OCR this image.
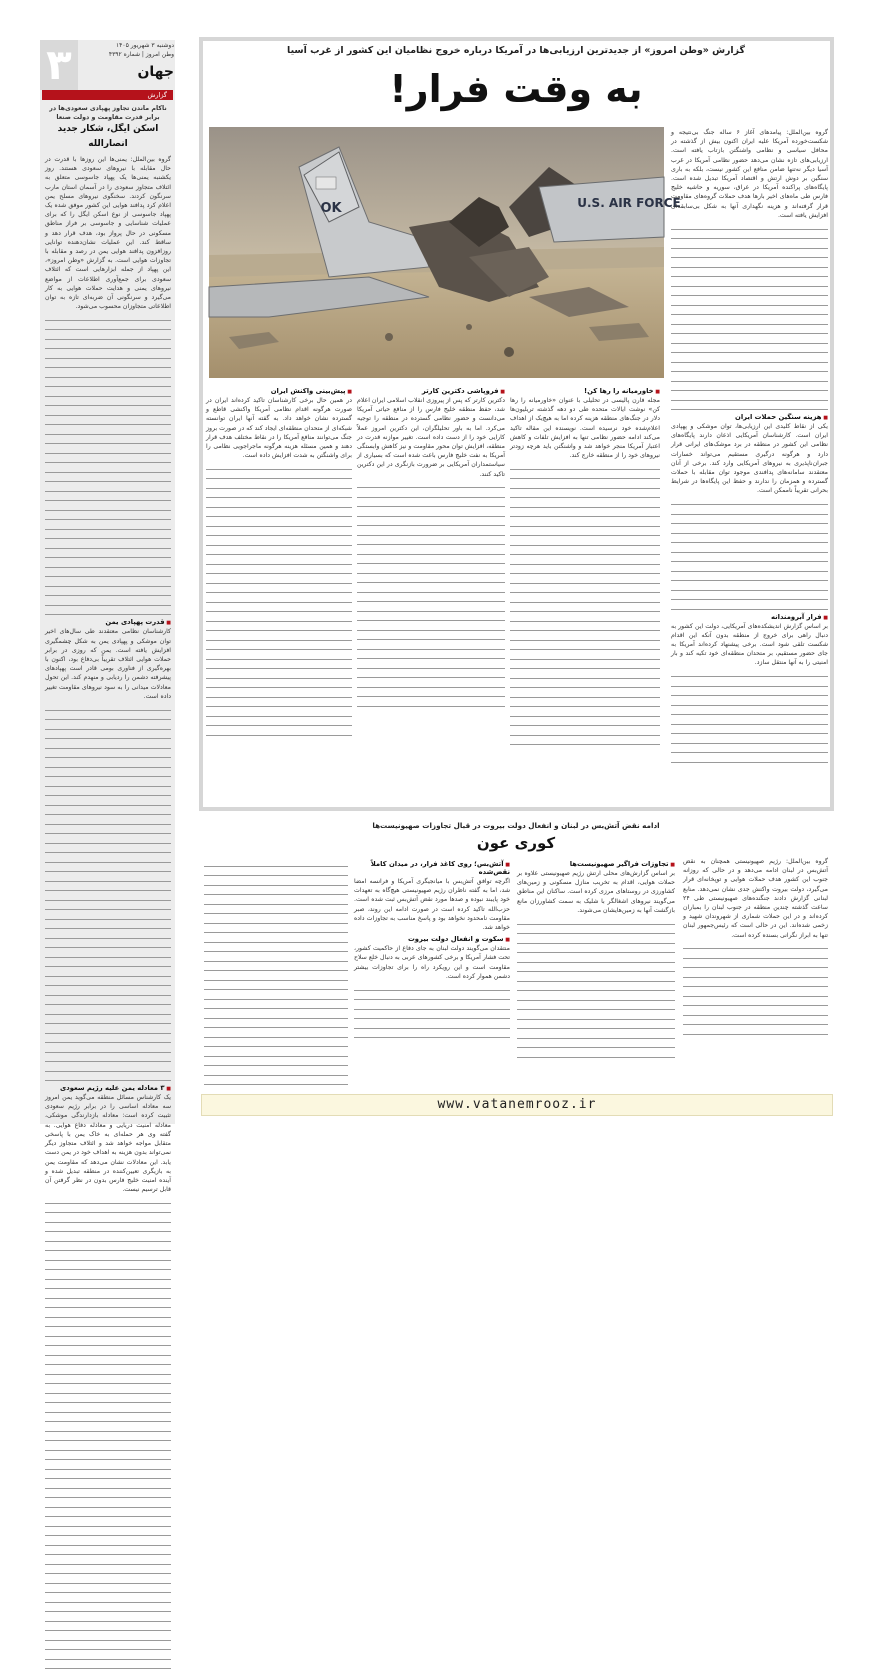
۳	دوشنبه ۳ شهریور ۱۴۰۵
وطن امروز | شماره ۴۳۹۲
جهان
گزارش
ناکام ماندن تجاوز پهپادی سعودی‌ها در برابر قدرت مقاومت و دولت صنعا
اسکن ایگل، شکار جدید انصارالله

گروه بین‌الملل: یمنی‌ها این روزها با قدرت در حال مقابله با نیروهای سعودی هستند. روز یکشنبه یمنی‌ها یک پهپاد جاسوسی متعلق به ائتلاف متجاوز سعودی را در آسمان استان مارب سرنگون کردند. سخنگوی نیروهای مسلح یمن اعلام کرد پدافند هوایی این کشور موفق شده یک پهپاد جاسوسی از نوع اسکن ایگل را که برای عملیات شناسایی و جاسوسی بر فراز مناطق مسکونی در حال پرواز بود، هدف قرار دهد و ساقط کند. این عملیات نشان‌دهنده توانایی روزافزون پدافند هوایی یمن در رصد و مقابله با تجاوزات هوایی است. به گزارش «وطن امروز»، این پهپاد از جمله ابزارهایی است که ائتلاف سعودی برای جمع‌آوری اطلاعات از مواضع نیروهای یمنی و هدایت حملات هوایی به کار می‌گیرد و سرنگونی آن ضربه‌ای تازه به توان اطلاعاتی متجاوزان محسوب می‌شود.

■ قدرت پهپادی یمن

کارشناسان نظامی معتقدند طی سال‌های اخیر توان موشکی و پهپادی یمن به شکل چشمگیری افزایش یافته است. یمن که روزی در برابر حملات هوایی ائتلاف تقریباً بی‌دفاع بود، اکنون با بهره‌گیری از فناوری بومی قادر است پهپادهای پیشرفته دشمن را ردیابی و منهدم کند. این تحول معادلات میدانی را به سود نیروهای مقاومت تغییر داده است.

■ ۳ معادله یمن علیه رژیم سعودی

یک کارشناس مسائل منطقه می‌گوید یمن امروز سه معادله اساسی را در برابر رژیم سعودی تثبیت کرده است: معادله بازدارندگی موشکی، معادله امنیت دریایی و معادله دفاع هوایی. به گفته وی هر حمله‌ای به خاک یمن با پاسخی متقابل مواجه خواهد شد و ائتلاف متجاوز دیگر نمی‌تواند بدون هزینه به اهداف خود در یمن دست یابد. این معادلات نشان می‌دهد که مقاومت یمن به بازیگری تعیین‌کننده در منطقه تبدیل شده و آینده امنیت خلیج فارس بدون در نظر گرفتن آن قابل ترسیم نیست.

گزارش «وطن امروز» از جدیدترین ارزیابی‌ها در آمریکا درباره خروج نظامیان این کشور از غرب آسیا
به وقت فرار!
OK	U.S. AIR FORCE

گروه بین‌الملل: پیامدهای آغاز ۶ ساله جنگ بی‌نتیجه و شکست‌خورده آمریکا علیه ایران اکنون بیش از گذشته در محافل سیاسی و نظامی واشنگتن بازتاب یافته است. ارزیابی‌های تازه نشان می‌دهد حضور نظامی آمریکا در غرب آسیا دیگر نه‌تنها ضامن منافع این کشور نیست، بلکه به باری سنگین بر دوش ارتش و اقتصاد آمریکا تبدیل شده است. پایگاه‌های پراکنده آمریکا در عراق، سوریه و حاشیه خلیج فارس طی ماه‌های اخیر بارها هدف حملات گروه‌های مقاومت قرار گرفته‌اند و هزینه نگهداری آنها به شکل بی‌سابقه‌ای افزایش یافته است.

■ هزینه سنگین حملات ایران

یکی از نقاط کلیدی این ارزیابی‌ها، توان موشکی و پهپادی ایران است. کارشناسان آمریکایی اذعان دارند پایگاه‌های نظامی این کشور در منطقه در برد موشک‌های ایرانی قرار دارد و هرگونه درگیری مستقیم می‌تواند خسارات جبران‌ناپذیری به نیروهای آمریکایی وارد کند. برخی از آنان معتقدند سامانه‌های پدافندی موجود توان مقابله با حملات گسترده و همزمان را ندارند و حفظ این پایگاه‌ها در شرایط بحرانی تقریباً ناممکن است.

■ فرار آبرومندانه

بر اساس گزارش اندیشکده‌های آمریکایی، دولت این کشور به دنبال راهی برای خروج از منطقه بدون آنکه این اقدام شکست تلقی شود است. برخی پیشنهاد کرده‌اند آمریکا به جای حضور مستقیم، بر متحدان منطقه‌ای خود تکیه کند و بار امنیتی را به آنها منتقل سازد.

■ خاورمیانه را رها کن!

مجله فارن پالیسی در تحلیلی با عنوان «خاورمیانه را رها کن» نوشت ایالات متحده طی دو دهه گذشته تریلیون‌ها دلار در جنگ‌های منطقه هزینه کرده اما به هیچ‌یک از اهداف اعلام‌شده خود نرسیده است. نویسنده این مقاله تاکید می‌کند ادامه حضور نظامی تنها به افزایش تلفات و کاهش اعتبار آمریکا منجر خواهد شد و واشنگتن باید هرچه زودتر نیروهای خود را از منطقه خارج کند.

■ فروپاشی دکترین کارتر

دکترین کارتر که پس از پیروزی انقلاب اسلامی ایران اعلام شد، حفظ منطقه خلیج فارس را از منافع حیاتی آمریکا می‌دانست و حضور نظامی گسترده در منطقه را توجیه می‌کرد. اما به باور تحلیلگران، این دکترین امروز عملاً کارایی خود را از دست داده است. تغییر موازنه قدرت در منطقه، افزایش توان محور مقاومت و نیز کاهش وابستگی آمریکا به نفت خلیج فارس باعث شده است که بسیاری از سیاستمداران آمریکایی بر ضرورت بازنگری در این دکترین تاکید کنند.

■ پیش‌بینی واکنش ایران

در همین حال برخی کارشناسان تاکید کرده‌اند ایران در صورت هرگونه اقدام نظامی آمریکا واکنشی قاطع و گسترده نشان خواهد داد. به گفته آنها ایران توانسته شبکه‌ای از متحدان منطقه‌ای ایجاد کند که در صورت بروز جنگ می‌توانند منافع آمریکا را در نقاط مختلف هدف قرار دهند و همین مسئله هزینه هرگونه ماجراجویی نظامی را برای واشنگتن به شدت افزایش داده است.

ادامه نقض آتش‌بس در لبنان و انفعال دولت بیروت در قبال تجاوزات صهیونیست‌ها
کوری عون

گروه بین‌الملل: رژیم صهیونیستی همچنان به نقض آتش‌بس در لبنان ادامه می‌دهد و در حالی که روزانه جنوب این کشور هدف حملات هوایی و توپخانه‌ای قرار می‌گیرد، دولت بیروت واکنش جدی نشان نمی‌دهد. منابع لبنانی گزارش دادند جنگنده‌های صهیونیستی طی ۲۴ ساعت گذشته چندین منطقه در جنوب لبنان را بمباران کرده‌اند و در این حملات شماری از شهروندان شهید و زخمی شده‌اند. این در حالی است که رئیس‌جمهور لبنان تنها به ابراز نگرانی بسنده کرده است.

■ تجاوزات فراگیر صهیونیست‌ها

بر اساس گزارش‌های محلی ارتش رژیم صهیونیستی علاوه بر حملات هوایی، اقدام به تخریب منازل مسکونی و زمین‌های کشاورزی در روستاهای مرزی کرده است. ساکنان این مناطق می‌گویند نیروهای اشغالگر با شلیک به سمت کشاورزان مانع بازگشت آنها به زمین‌هایشان می‌شوند.

■ آتش‌بس؛ روی کاغذ فرار، در میدان کاملاً نقض‌شده

اگرچه توافق آتش‌بس با میانجیگری آمریکا و فرانسه امضا شد، اما به گفته ناظران رژیم صهیونیستی هیچ‌گاه به تعهدات خود پایبند نبوده و صدها مورد نقض آتش‌بس ثبت شده است. حزب‌الله تاکید کرده است در صورت ادامه این روند، صبر مقاومت نامحدود نخواهد بود و پاسخ مناسب به تجاوزات داده خواهد شد.

■ سکوت و انفعال دولت بیروت

منتقدان می‌گویند دولت لبنان به جای دفاع از حاکمیت کشور، تحت فشار آمریکا و برخی کشورهای عربی به دنبال خلع سلاح مقاومت است و این رویکرد راه را برای تجاوزات بیشتر دشمن هموار کرده است.

www.vatanemrooz.ir
